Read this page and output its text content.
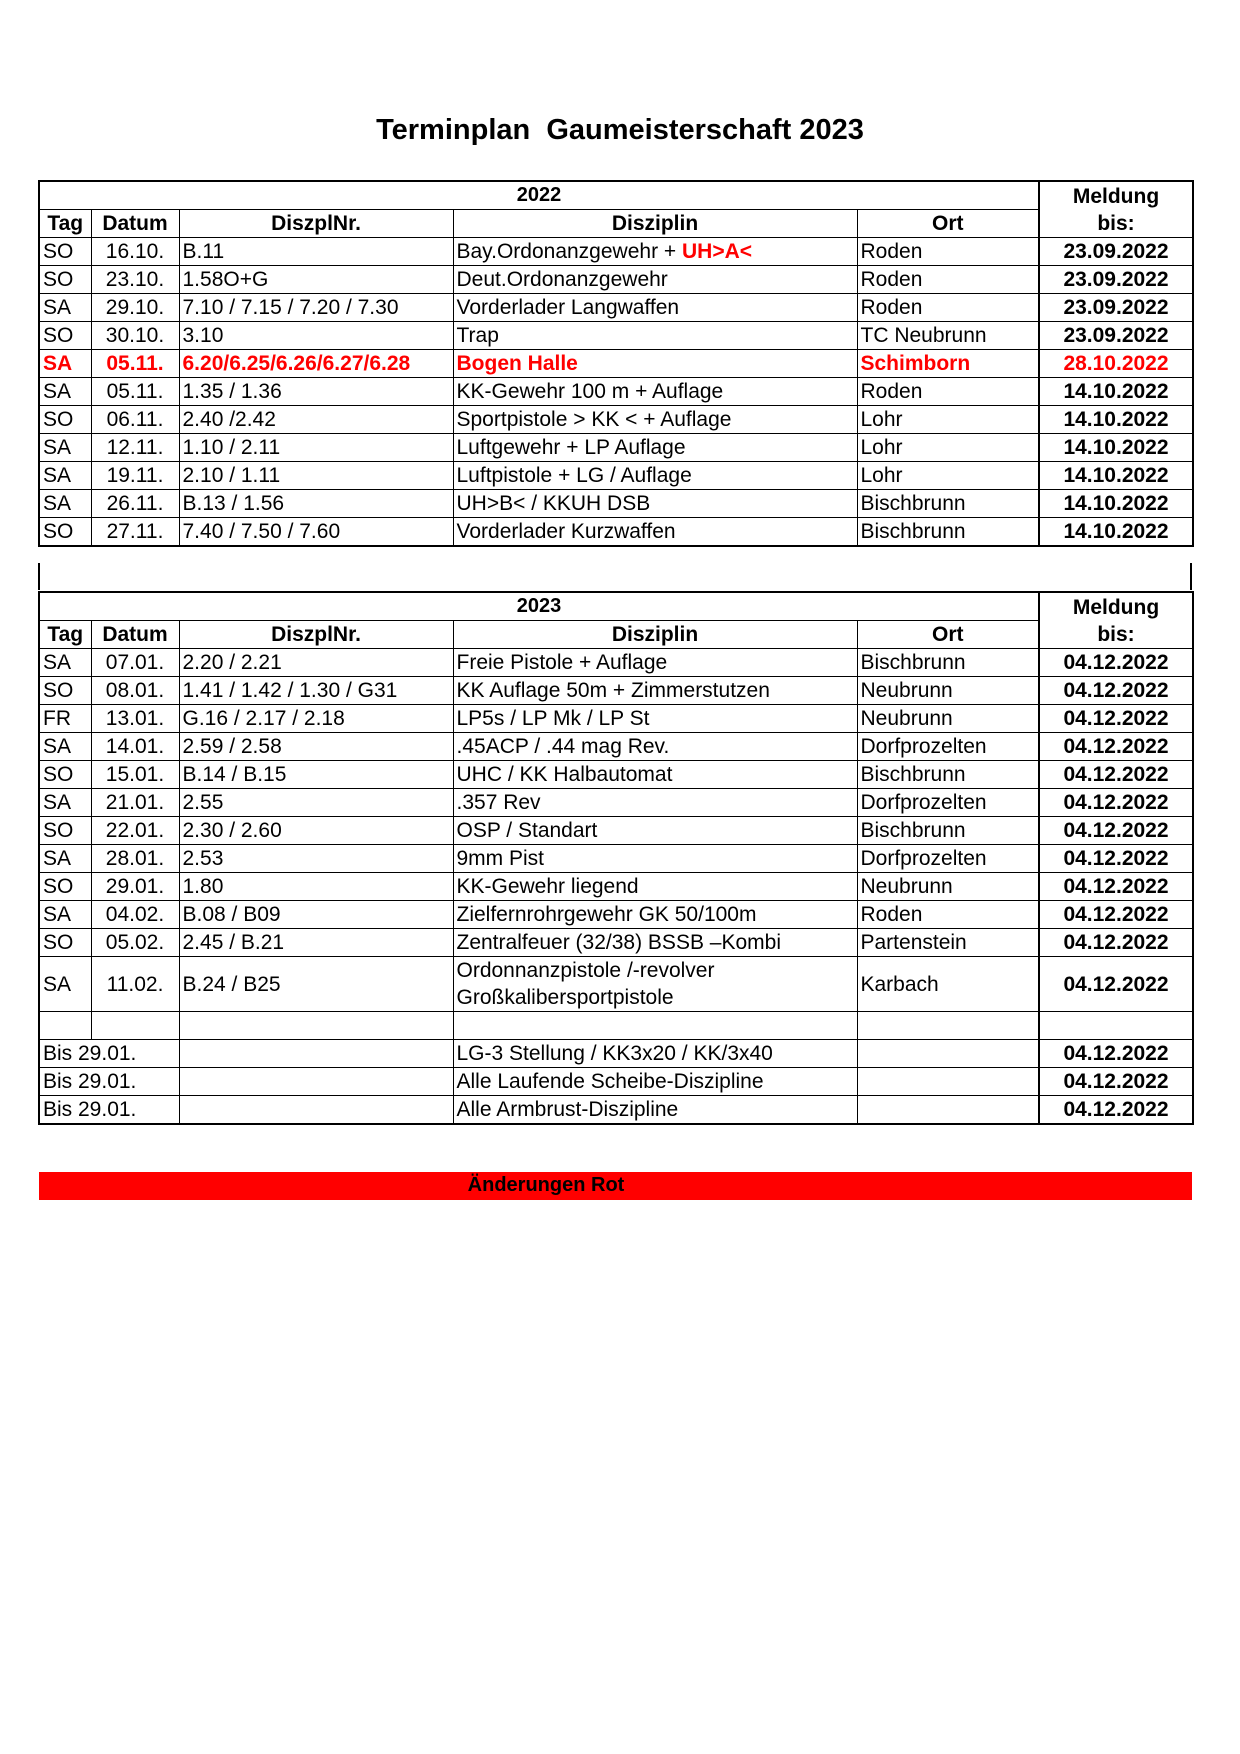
Terminplan  Gaumeisterschaft 2023
2022					Meldung
bis:
Tag	Datum	DiszplNr.	Disziplin	Ort	
SO	16.10.	B.11	Bay.Ordonanzgewehr + UH>A<	Roden	23.09.2022
SO	23.10.	1.58O+G	Deut.Ordonanzgewehr	Roden	23.09.2022
SA	29.10.	7.10 / 7.15 / 7.20 / 7.30	Vorderlader Langwaffen	Roden	23.09.2022
SO	30.10.	3.10	Trap	TC Neubrunn	23.09.2022
SA	05.11.	6.20/6.25/6.26/6.27/6.28	Bogen Halle	Schimborn	28.10.2022
SA	05.11.	1.35 / 1.36	KK-Gewehr 100 m + Auflage	Roden	14.10.2022
SO	06.11.	2.40 /2.42	Sportpistole > KK < + Auflage	Lohr	14.10.2022
SA	12.11.	1.10 / 2.11	Luftgewehr + LP Auflage	Lohr	14.10.2022
SA	19.11.	2.10 / 1.11	Luftpistole + LG / Auflage	Lohr	14.10.2022
SA	26.11.	B.13 / 1.56	UH>B< / KKUH DSB	Bischbrunn	14.10.2022
SO	27.11.	7.40 / 7.50 / 7.60	Vorderlader Kurzwaffen	Bischbrunn	14.10.2022
2023					Meldung
bis:
Tag	Datum	DiszplNr.	Disziplin	Ort	
SA	07.01.	2.20 / 2.21	Freie Pistole + Auflage	Bischbrunn	04.12.2022
SO	08.01.	1.41 / 1.42 / 1.30 / G31	KK Auflage 50m + Zimmerstutzen	Neubrunn	04.12.2022
FR	13.01.	G.16 / 2.17 / 2.18	LP5s / LP Mk / LP St	Neubrunn	04.12.2022
SA	14.01.	2.59 / 2.58	.45ACP / .44 mag Rev.	Dorfprozelten	04.12.2022
SO	15.01.	B.14 / B.15	UHC / KK Halbautomat	Bischbrunn	04.12.2022
SA	21.01.	2.55	.357 Rev	Dorfprozelten	04.12.2022
SO	22.01.	2.30 / 2.60	OSP / Standart	Bischbrunn	04.12.2022
SA	28.01.	2.53	9mm Pist	Dorfprozelten	04.12.2022
SO	29.01.	1.80	KK-Gewehr liegend	Neubrunn	04.12.2022
SA	04.02.	B.08 / B09	Zielfernrohrgewehr GK 50/100m	Roden	04.12.2022
SO	05.02.	2.45 / B.21	Zentralfeuer (32/38) BSSB –Kombi	Partenstein	04.12.2022
SA	11.02.	B.24 / B25	Ordonnanzpistole /-revolver
Großkalibersportpistole	Karbach	04.12.2022

Bis 29.01.			LG-3 Stellung / KK3x20 / KK/3x40		04.12.2022
Bis 29.01.			Alle Laufende Scheibe-Diszipline		04.12.2022
Bis 29.01.			Alle Armbrust-Diszipline		04.12.2022
Änderungen Rot
